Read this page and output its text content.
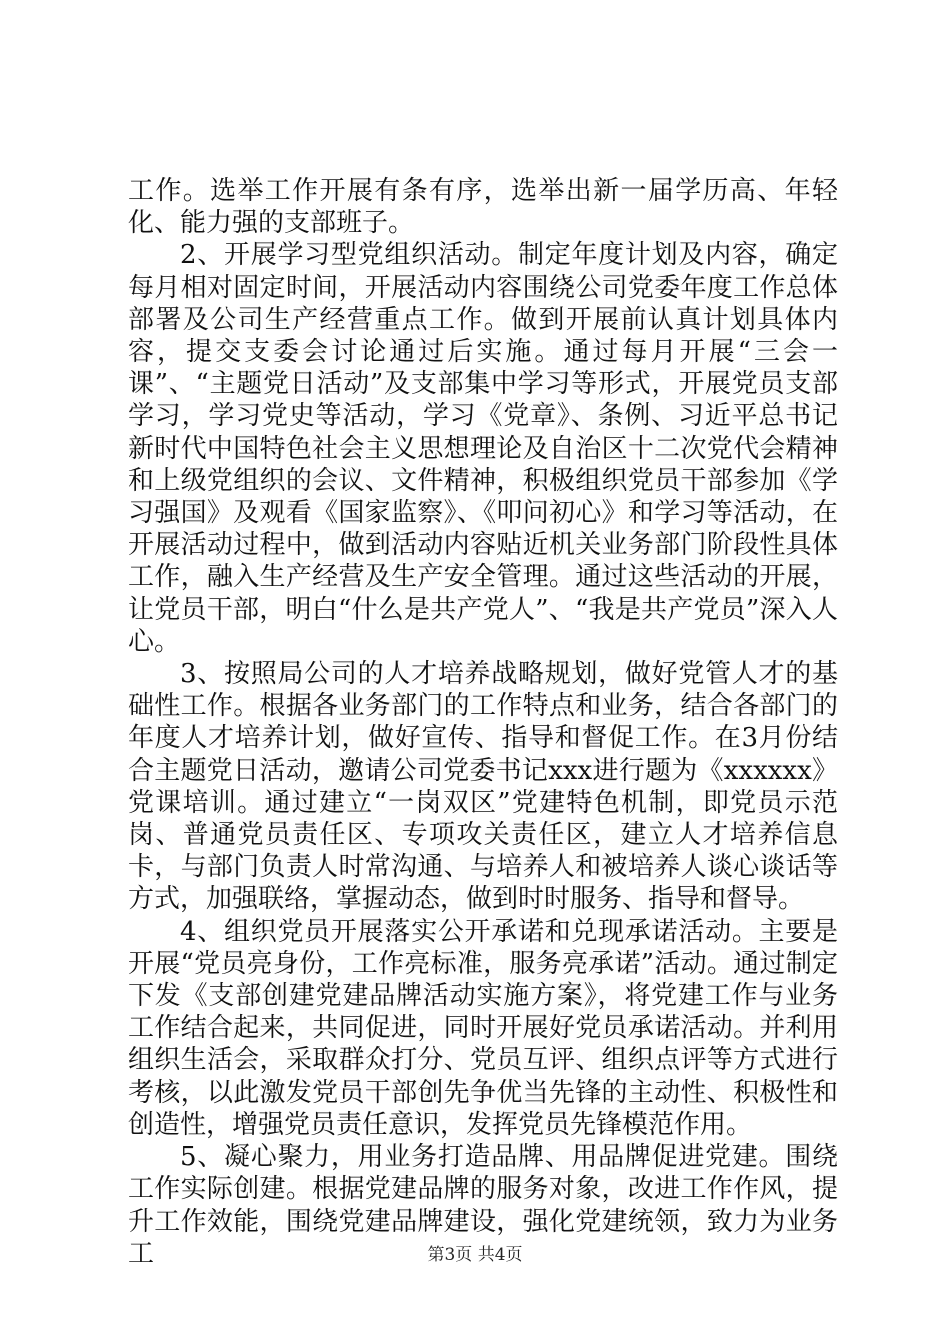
工作。选举工作开展有条有序，选举出新一届学历高、年轻化、能力强的支部班子。

2、开展学习型党组织活动。制定年度计划及内容，确定每月相对固定时间，开展活动内容围绕公司党委年度工作总体部署及公司生产经营重点工作。做到开展前认真计划具体内容，提交支委会讨论通过后实施。通过每月开展“三会一课”、“主题党日活动”及支部集中学习等形式，开展党员支部学习，学习党史等活动，学习《党章》、条例、习近平总书记新时代中国特色社会主义思想理论及自治区十二次党代会精神和上级党组织的会议、文件精神，积极组织党员干部参加《学习强国》及观看《国家监察》、《叩问初心》和学习等活动，在开展活动过程中，做到活动内容贴近机关业务部门阶段性具体工作，融入生产经营及生产安全管理。通过这些活动的开展，让党员干部，明白“什么是共产党人”、“我是共产党员”深入人心。

3、按照局公司的人才培养战略规划，做好党管人才的基础性工作。根据各业务部门的工作特点和业务，结合各部门的年度人才培养计划，做好宣传、指导和督促工作。在3月份结合主题党日活动，邀请公司党委书记xxx进行题为《xxxxxx》党课培训。通过建立“一岗双区”党建特色机制，即党员示范岗、普通党员责任区、专项攻关责任区，建立人才培养信息卡，与部门负责人时常沟通、与培养人和被培养人谈心谈话等方式，加强联络，掌握动态，做到时时服务、指导和督导。

4、组织党员开展落实公开承诺和兑现承诺活动。主要是开展“党员亮身份，工作亮标准，服务亮承诺”活动。通过制定下发《支部创建党建品牌活动实施方案》，将党建工作与业务工作结合起来，共同促进，同时开展好党员承诺活动。并利用组织生活会，采取群众打分、党员互评、组织点评等方式进行考核，以此激发党员干部创先争优当先锋的主动性、积极性和创造性，增强党员责任意识，发挥党员先锋模范作用。

5、凝心聚力，用业务打造品牌、用品牌促进党建。围绕工作实际创建。根据党建品牌的服务对象，改进工作作风，提升工作效能，围绕党建品牌建设，强化党建统领，致力为业务工	第3页 共4页
